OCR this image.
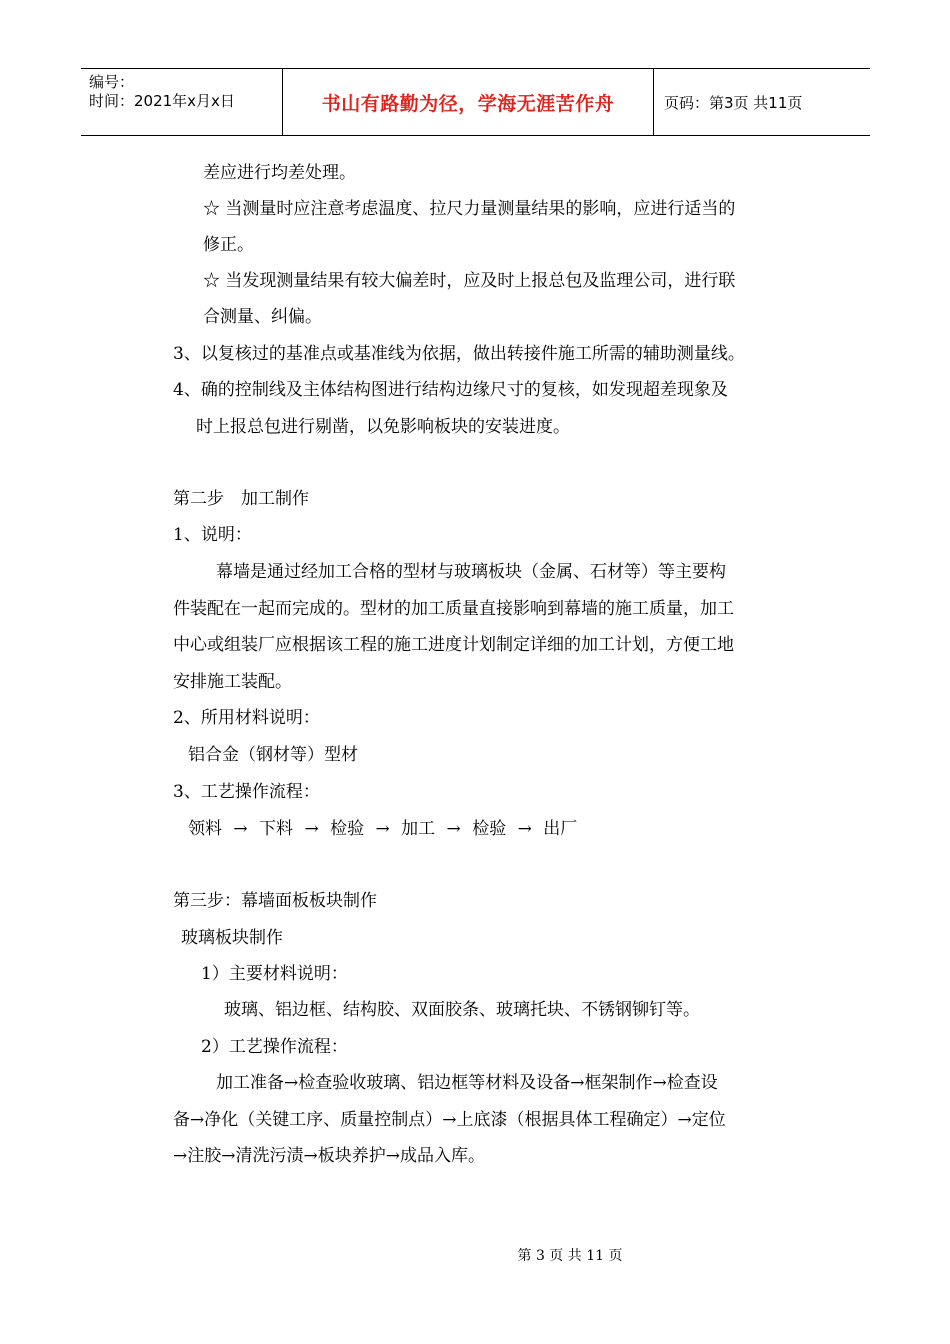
编号：
时间：2021年x月x日	书山有路勤为径，学海无涯苦作舟	页码：第3页 共11页
差应进行均差处理。
☆ 当测量时应注意考虑温度、拉尺力量测量结果的影响，应进行适当的
修正。
☆ 当发现测量结果有较大偏差时，应及时上报总包及监理公司，进行联
合测量、纠偏。
3、以复核过的基准点或基准线为依据，做出转接件施工所需的辅助测量线。
4、确的控制线及主体结构图进行结构边缘尺寸的复核，如发现超差现象及
时上报总包进行剔凿，以免影响板块的安装进度。
第二步　加工制作
1、说明：
幕墙是通过经加工合格的型材与玻璃板块（金属、石材等）等主要构
件装配在一起而完成的。型材的加工质量直接影响到幕墙的施工质量，加工
中心或组装厂应根据该工程的施工进度计划制定详细的加工计划，方便工地
安排施工装配。
2、所用材料说明：
铝合金（钢材等）型材
3、工艺操作流程：
领料 → 下料 → 检验 → 加工 → 检验 → 出厂
第三步：幕墙面板板块制作
玻璃板块制作
1）主要材料说明：
玻璃、铝边框、结构胶、双面胶条、玻璃托块、不锈钢铆钉等。
2）工艺操作流程：
加工准备→检查验收玻璃、铝边框等材料及设备→框架制作→检查设
备→净化（关键工序、质量控制点）→上底漆（根据具体工程确定）→定位
→注胶→清洗污渍→板块养护→成品入库。
第 3 页 共 11 页
